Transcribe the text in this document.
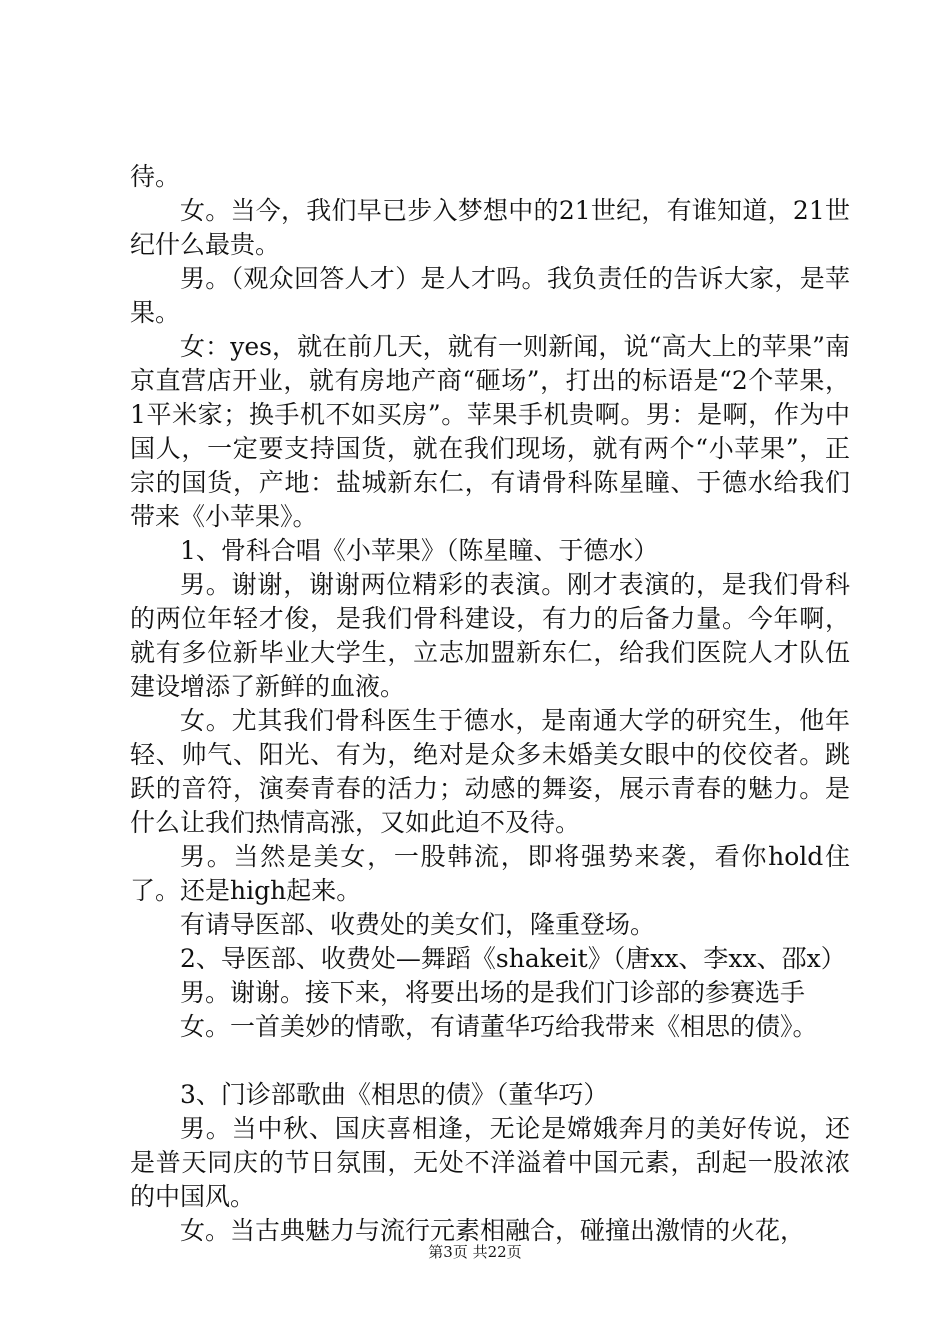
待。

女。当今，我们早已步入梦想中的21世纪，有谁知道，21世纪什么最贵。

男。（观众回答人才）是人才吗。我负责任的告诉大家，是苹果。

女：yes，就在前几天，就有一则新闻，说“高大上的苹果”南京直营店开业，就有房地产商“砸场”，打出的标语是“2个苹果，1平米家；换手机不如买房”。苹果手机贵啊。男：是啊，作为中国人，一定要支持国货，就在我们现场，就有两个“小苹果”，正宗的国货，产地：盐城新东仁，有请骨科陈星瞳、于德水给我们带来《小苹果》。

1、骨科合唱《小苹果》（陈星瞳、于德水）

男。谢谢，谢谢两位精彩的表演。刚才表演的，是我们骨科的两位年轻才俊，是我们骨科建设，有力的后备力量。今年啊，就有多位新毕业大学生，立志加盟新东仁，给我们医院人才队伍建设增添了新鲜的血液。

女。尤其我们骨科医生于德水，是南通大学的研究生，他年轻、帅气、阳光、有为，绝对是众多未婚美女眼中的佼佼者。跳跃的音符，演奏青春的活力；动感的舞姿，展示青春的魅力。是什么让我们热情高涨，又如此迫不及待。

男。当然是美女，一股韩流，即将强势来袭，看你hold住了。还是high起来。

有请导医部、收费处的美女们，隆重登场。

2、导医部、收费处—舞蹈《shakeit》（唐xx、李xx、邵x）

男。谢谢。接下来，将要出场的是我们门诊部的参赛选手

女。一首美妙的情歌，有请董华巧给我带来《相思的债》。

3、门诊部歌曲《相思的债》（董华巧）

男。当中秋、国庆喜相逢，无论是嫦娥奔月的美好传说，还是普天同庆的节日氛围，无处不洋溢着中国元素，刮起一股浓浓的中国风。

女。当古典魅力与流行元素相融合，碰撞出激情的火花，

第3页 共22页
